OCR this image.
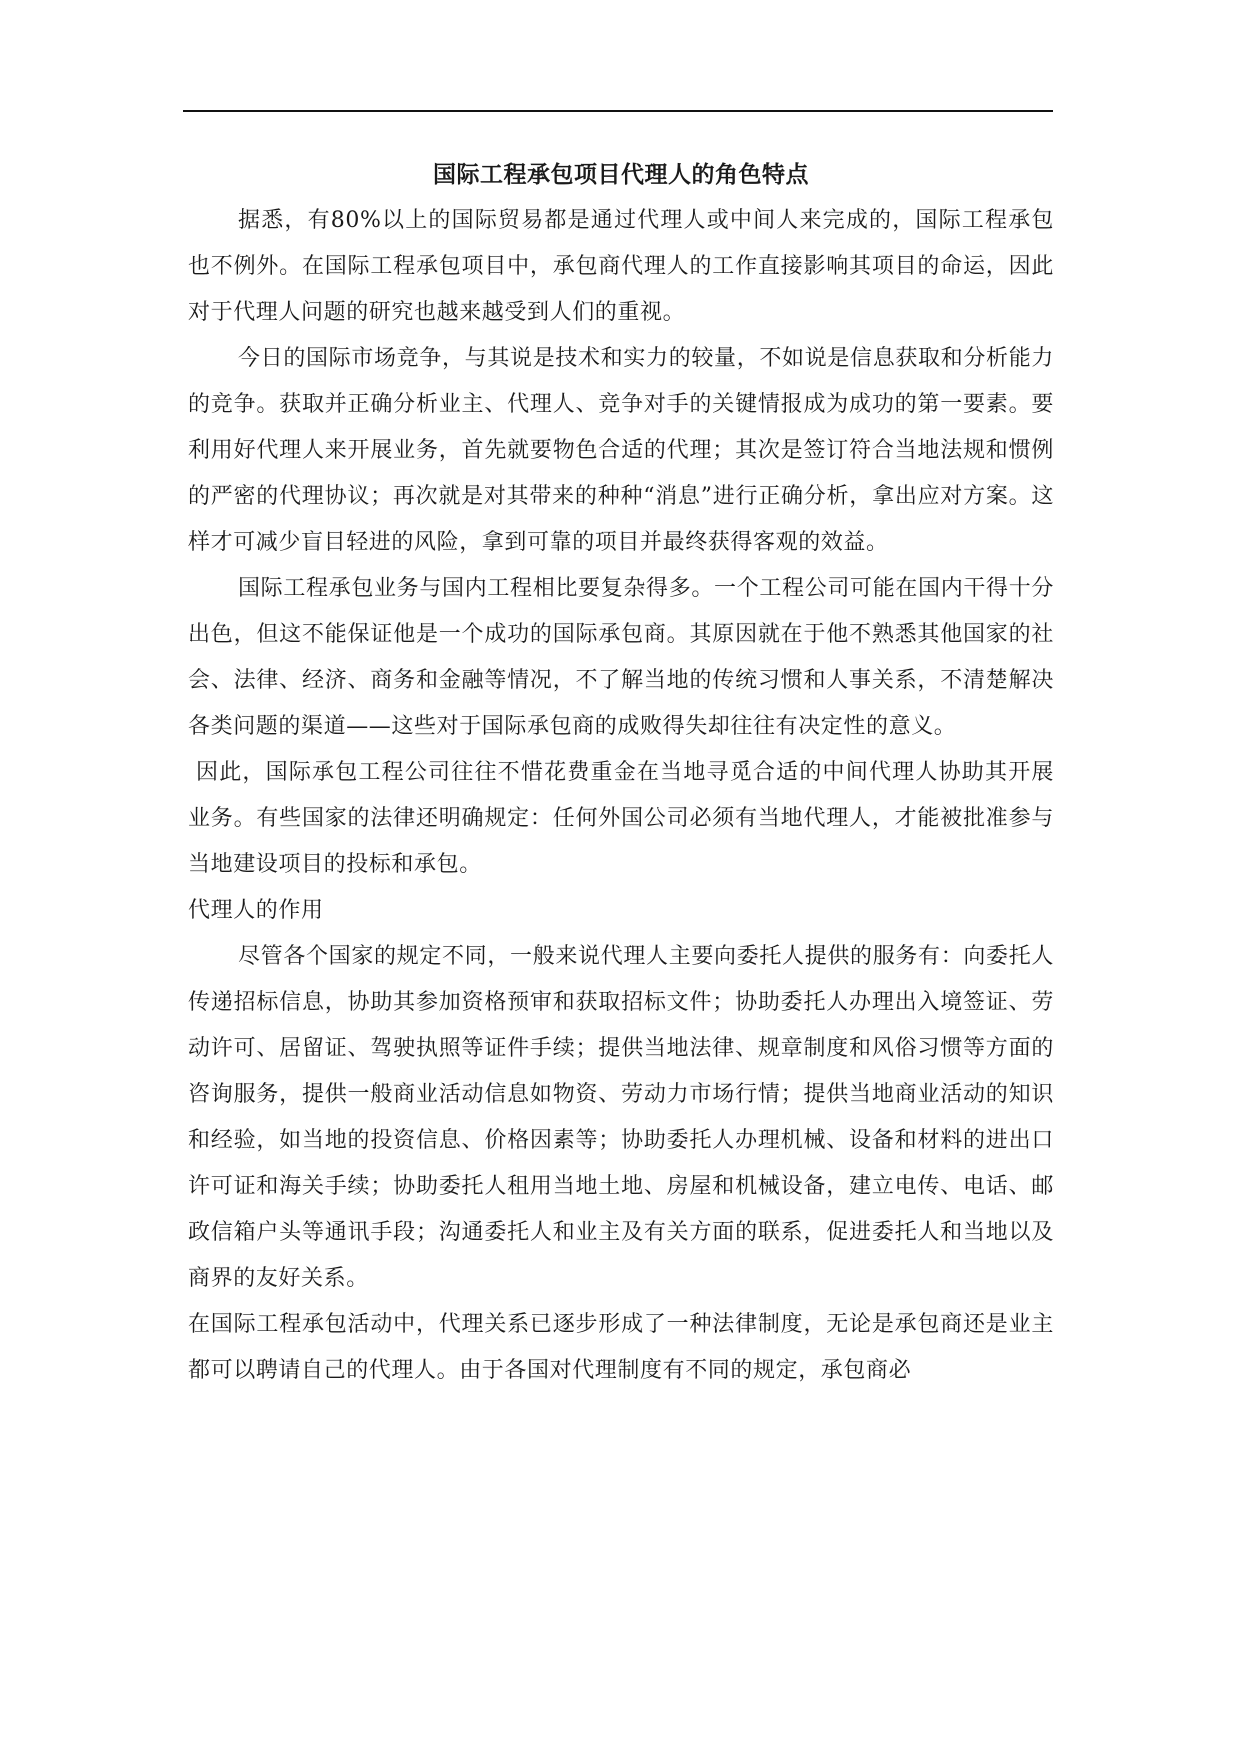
国际工程承包项目代理人的角色特点

据悉，有80%以上的国际贸易都是通过代理人或中间人来完成的，国际工程承包也不例外。在国际工程承包项目中，承包商代理人的工作直接影响其项目的命运，因此对于代理人问题的研究也越来越受到人们的重视。

今日的国际市场竞争，与其说是技术和实力的较量，不如说是信息获取和分析能力的竞争。获取并正确分析业主、代理人、竞争对手的关键情报成为成功的第一要素。要利用好代理人来开展业务，首先就要物色合适的代理；其次是签订符合当地法规和惯例的严密的代理协议；再次就是对其带来的种种“消息”进行正确分析，拿出应对方案。这样才可减少盲目轻进的风险，拿到可靠的项目并最终获得客观的效益。

国际工程承包业务与国内工程相比要复杂得多。一个工程公司可能在国内干得十分出色，但这不能保证他是一个成功的国际承包商。其原因就在于他不熟悉其他国家的社会、法律、经济、商务和金融等情况，不了解当地的传统习惯和人事关系，不清楚解决各类问题的渠道——这些对于国际承包商的成败得失却往往有决定性的意义。

因此，国际承包工程公司往往不惜花费重金在当地寻觅合适的中间代理人协助其开展业务。有些国家的法律还明确规定：任何外国公司必须有当地代理人，才能被批准参与当地建设项目的投标和承包。

代理人的作用

尽管各个国家的规定不同，一般来说代理人主要向委托人提供的服务有：向委托人传递招标信息，协助其参加资格预审和获取招标文件；协助委托人办理出入境签证、劳动许可、居留证、驾驶执照等证件手续；提供当地法律、规章制度和风俗习惯等方面的咨询服务，提供一般商业活动信息如物资、劳动力市场行情；提供当地商业活动的知识和经验，如当地的投资信息、价格因素等；协助委托人办理机械、设备和材料的进出口许可证和海关手续；协助委托人租用当地土地、房屋和机械设备，建立电传、电话、邮政信箱户头等通讯手段；沟通委托人和业主及有关方面的联系，促进委托人和当地以及商界的友好关系。

在国际工程承包活动中，代理关系已逐步形成了一种法律制度，无论是承包商还是业主都可以聘请自己的代理人。由于各国对代理制度有不同的规定，承包商必
